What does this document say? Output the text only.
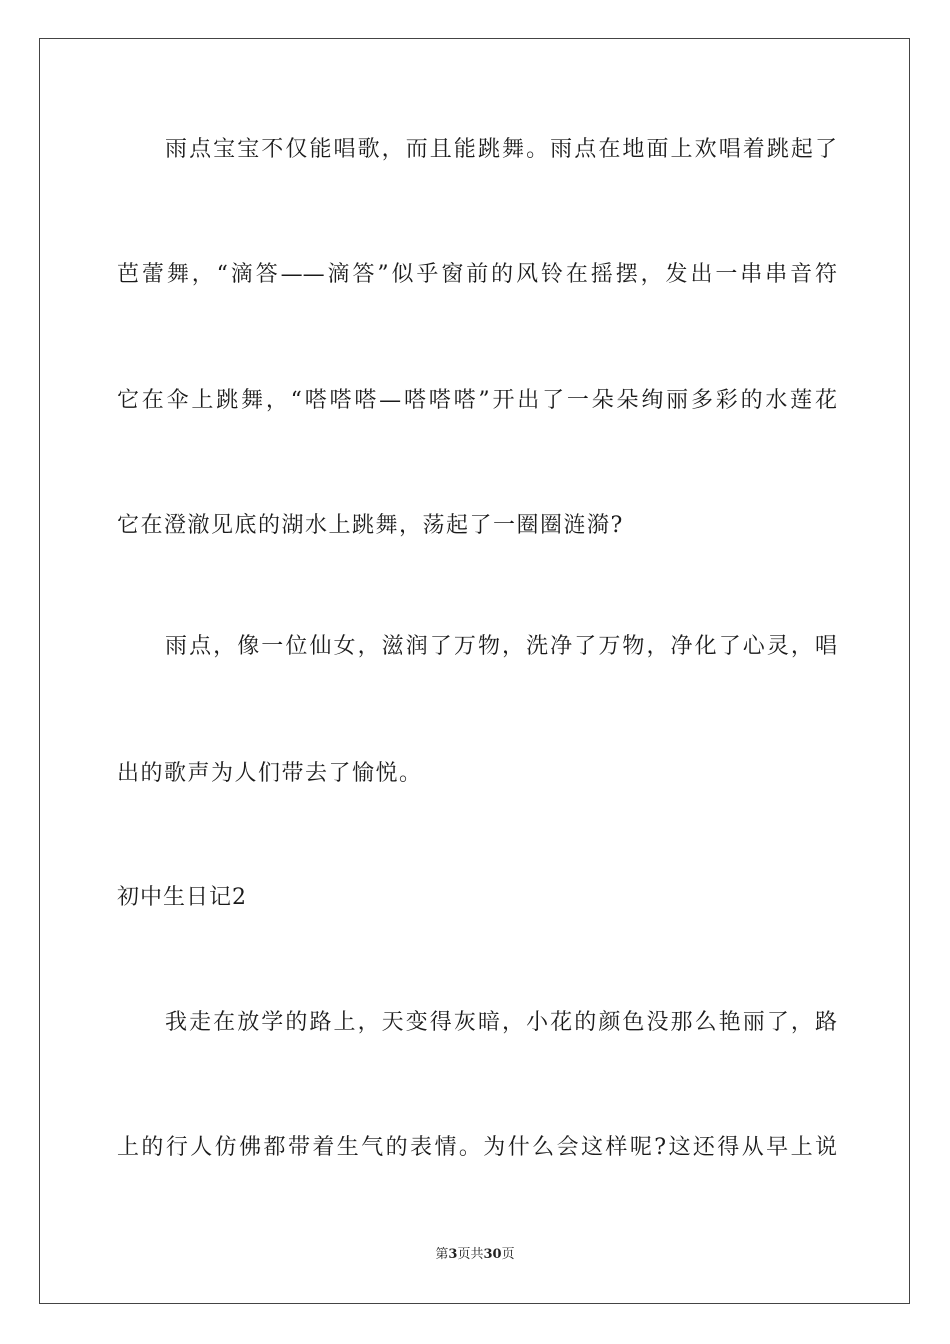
雨点宝宝不仅能唱歌，而且能跳舞。雨点在地面上欢唱着跳起了
芭蕾舞，“滴答——滴答”似乎窗前的风铃在摇摆，发出一串串音符
它在伞上跳舞，“嗒嗒嗒—嗒嗒嗒”开出了一朵朵绚丽多彩的水莲花
它在澄澈见底的湖水上跳舞，荡起了一圈圈涟漪?
雨点，像一位仙女，滋润了万物，洗净了万物，净化了心灵，唱
出的歌声为人们带去了愉悦。
初中生日记2
我走在放学的路上，天变得灰暗，小花的颜色没那么艳丽了，路
上的行人仿佛都带着生气的表情。为什么会这样呢?这还得从早上说
第3页共30页
